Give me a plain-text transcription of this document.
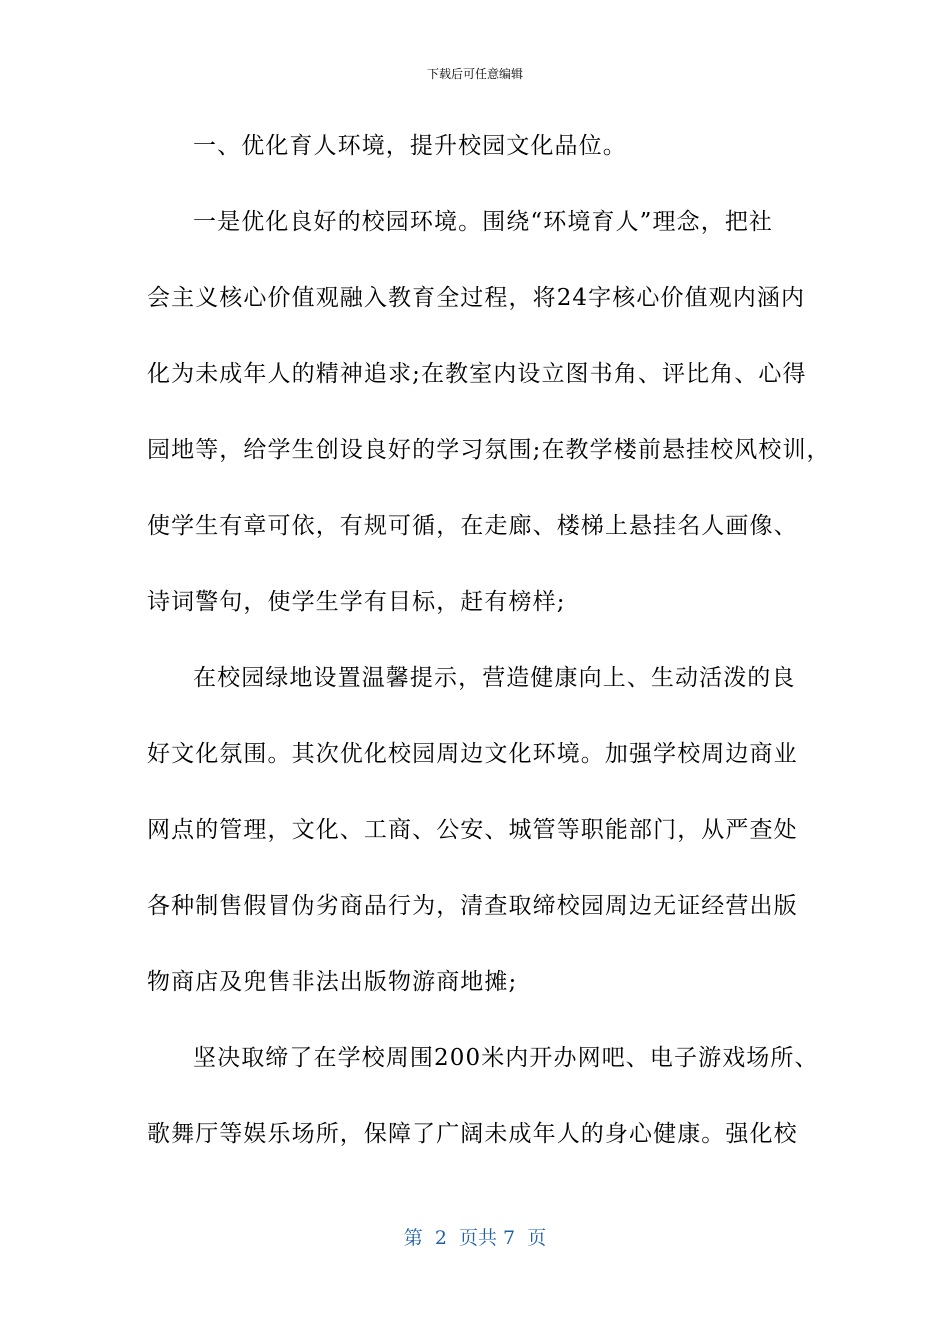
下载后可任意编辑
一、优化育人环境，提升校园文化品位。
一是优化良好的校园环境。围绕“环境育人”理念，把社
会主义核心价值观融入教育全过程，将24字核心价值观内涵内
化为未成年人的精神追求;在教室内设立图书角、评比角、心得
园地等，给学生创设良好的学习氛围;在教学楼前悬挂校风校训，
使学生有章可依，有规可循，在走廊、楼梯上悬挂名人画像、
诗词警句，使学生学有目标，赶有榜样;
在校园绿地设置温馨提示，营造健康向上、生动活泼的良
好文化氛围。其次优化校园周边文化环境。加强学校周边商业
网点的管理，文化、工商、公安、城管等职能部门，从严查处
各种制售假冒伪劣商品行为，清查取缔校园周边无证经营出版
物商店及兜售非法出版物游商地摊;
坚决取缔了在学校周围200米内开办网吧、电子游戏场所、
歌舞厅等娱乐场所，保障了广阔未成年人的身心健康。强化校
第  2  页共 7  页
